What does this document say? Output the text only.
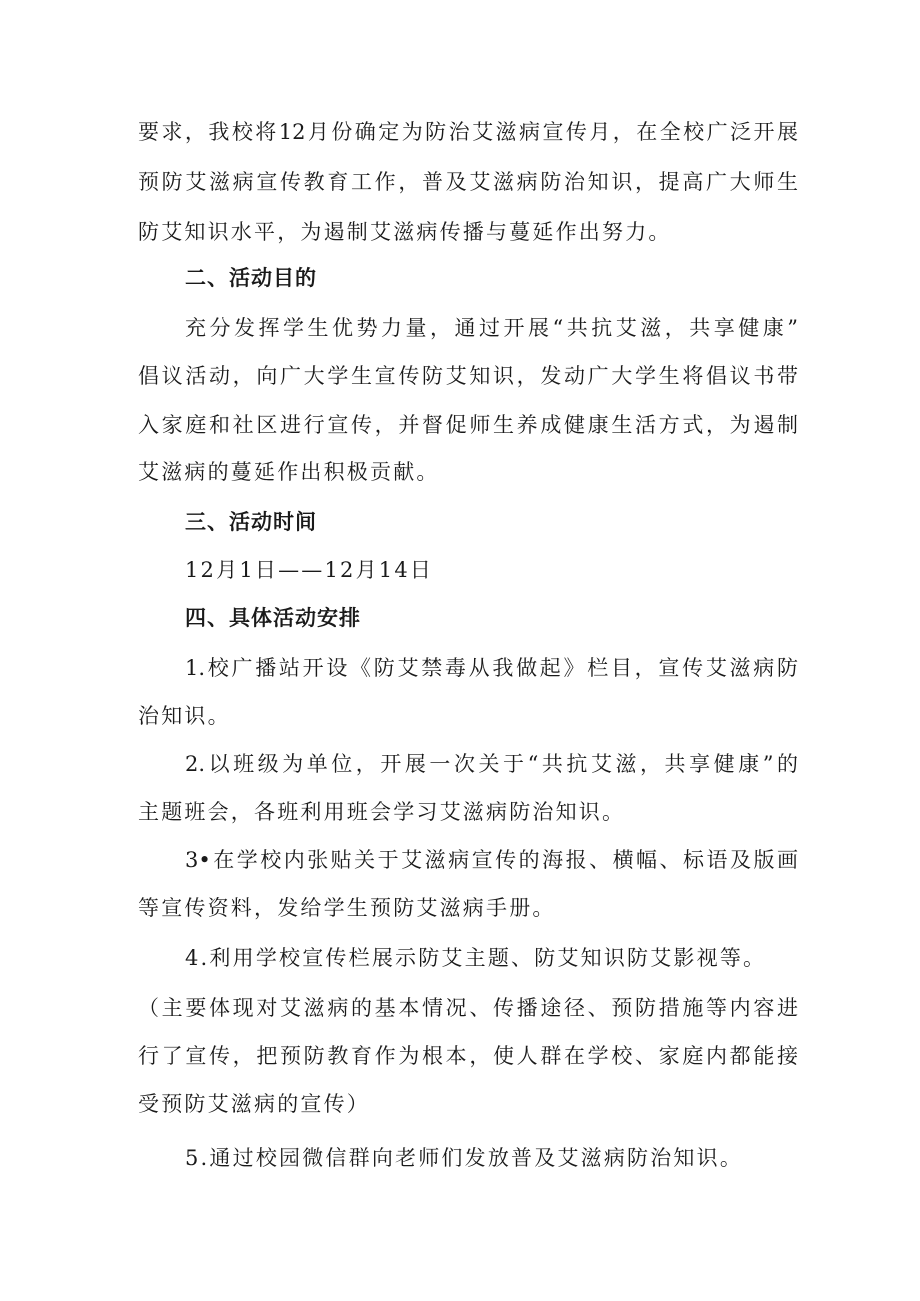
要求，我校将12月份确定为防治艾滋病宣传月，在全校广泛开展
预防艾滋病宣传教育工作，普及艾滋病防治知识，提高广大师生
防艾知识水平，为遏制艾滋病传播与蔓延作出努力。
二、活动目的
充分发挥学生优势力量，通过开展“共抗艾滋，共享健康”
倡议活动，向广大学生宣传防艾知识，发动广大学生将倡议书带
入家庭和社区进行宣传，并督促师生养成健康生活方式，为遏制
艾滋病的蔓延作出积极贡献。
三、活动时间
12月1日——12月14日
四、具体活动安排
1.校广播站开设《防艾禁毒从我做起》栏目，宣传艾滋病防
治知识。
2.以班级为单位，开展一次关于“共抗艾滋，共享健康”的
主题班会，各班利用班会学习艾滋病防治知识。
3•在学校内张贴关于艾滋病宣传的海报、横幅、标语及版画
等宣传资料，发给学生预防艾滋病手册。
4.利用学校宣传栏展示防艾主题、防艾知识防艾影视等。
（主要体现对艾滋病的基本情况、传播途径、预防措施等内容进
行了宣传，把预防教育作为根本，使人群在学校、家庭内都能接
受预防艾滋病的宣传）
5.通过校园微信群向老师们发放普及艾滋病防治知识。
